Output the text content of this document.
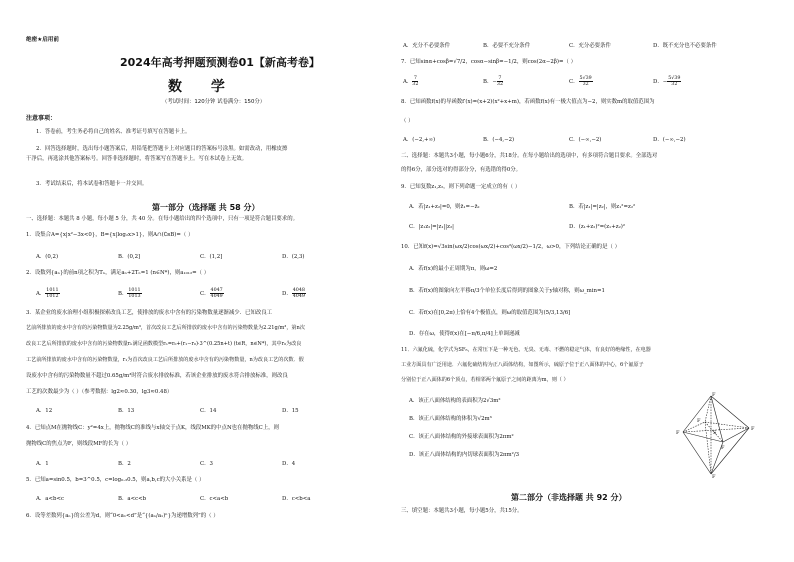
绝密★启用前
2024年高考押题预测卷01【新高考卷】
数 学
（考试时间：120分钟 试卷满分：150分）
注意事项：
1．答卷前，考生务必将自己的姓名、准考证号填写在答题卡上。
2．回答选择题时，选出每小题答案后，用铅笔把答题卡上对应题目的答案标号涂黑。如需改动，用橡皮擦
干净后，再选涂其他答案标号。回答非选择题时，将答案写在答题卡上。写在本试卷上无效。
3．考试结束后，将本试卷和答题卡一并交回。
第一部分（选择题 共 58 分）
一、选择题：本题共 8 小题，每小题 5 分，共 40 分。在每小题给出的四个选项中，只有一项是符合题目要求的。
1．设集合A={x|x²−3x<0}，B={x|log₂x>1}，则A∩(∁ʀB)=（ ）
A．(0,2)	B．(0,2]	C．(1,2]	D．(2,3)
2．设数列{aₙ}的前n项之积为Tₙ，满足aₙ+2Tₙ=1 (n∈N*)，则a₁₀₁₂=（ ）
A． $\frac{1011}{1012}$	B． $\frac{1011}{1013}$	C． $\frac{4047}{4049}$	D． $\frac{4048}{4049}$
3．某企业的废水治理小组积极探索改良工艺，使排放的废水中含有的污染物数量逐渐减少．已知改良工
艺前所排放的废水中含有的污染物数量为2.25g/m³，首次改良工艺后所排放的废水中含有的污染物数量为2.21g/m³，第n次
改良工艺后所排放的废水中含有的污染物数量rₙ满足函数模型rₙ=r₀+(r₁−r₀)·3^(0.25n+t) (t∈R，n∈N*)，其中r₀为改良
工艺前所排放的废水中含有的污染物数量，r₁为首次改良工艺后所排放的废水中含有的污染物数量，n为改良工艺的次数．假
设废水中含有的污染物数量不超过0.65g/m³时符合废水排放标准，若该企业排放的废水符合排放标准，则改良
工艺的次数最少为（ ）（参考数据：lg2≈0.30，lg3≈0.48）
A．12	B．13	C．14	D．15
4．已知点M在抛物线C：y²=4x上，抛物线C的准线与x轴交于点K，线段MK的中点N也在抛物线C上，则
抛物线C的焦点为F，则线段MF的长为（ ）
A．1	B．2	C．3	D．4
5．已知a=sin0.5，b=3^0.5，c=log₀.₃0.5，则a,b,c的大小关系是（ ）
A．a<b<c	B．a<c<b	C．c<a<b	D．c<b<a
6．设等差数列{aₙ}的公差为d，则“0<a₁<d”是“{(aₙ/a₁)ⁿ}为递增数列”的（ ）
A．充分不必要条件	B．必要不充分条件	C．充分必要条件	D．既不充分也不必要条件
7．已知sinα+cosβ=√7/2，cosα−sinβ=−1/2，则cos(2α−2β)=（ ）
A． $\frac{7}{32}$	B．− $\frac{7}{32}$	C． $\frac{5√39}{32}$	D．− $\frac{5√39}{32}$
8．已知函数f(x)的导函数f′(x)=(x+2)(x²+x+m)，若函数f(x)有一极大值点为−2，则实数m的取值范围为
（ ）
A．(−2,+∞)	B．(−4,−2)	C．(−∞,−2)	D．(−∞,−2)
二、选择题：本题共3小题，每小题6分，共18分。在每小题给出的选项中，有多项符合题目要求。全部选对
的得6分，部分选对的得部分分，有选错的得0分。
9．已知复数z₁,z₂，则下列命题一定成立的有（ ）
A．若|z₁+z₂|=0，则z̄₁=−z̄₂	B．若|z₁|=|z₂|，则z₁²=z₂²
C．|z₁z₂|=|z₁||z₂|	D．(z₁+z₂)²=(z₁+z₂)²
10．已知f(x)=√3sin(ωx/2)cos(ωx/2)+cos²(ωx/2)−1/2，ω>0，下列结论正确的是（ ）
A．若f(x)的最小正周期为π，则ω=2
B．若f(x)的图象向左平移π/3个单位长度后得到的图象关于y轴对称，则ω_min=1
C．若f(x)在[0,2π)上恰有4个极值点，则ω的取值范围为(5/3,13/6]
D．存在ω，使得f(x)在[−π/6,π/4]上单调递减
11．六氟化硫，化学式为SF₆，在常压下是一种无色、无臭、无毒、不燃的稳定气体，有良好的绝缘性，在电器
工业方面具有广泛用途．六氟化硫结构为正八面体结构，如图所示，硫原子位于正八面体的中心，6个氟原子
分别位于正八面体的6个顶点，若相邻两个氟原子之间的距离为m，则（ ）
A．该正八面体结构的表面积为2√3m²
B．该正八面体结构的体积为√2m³
C．该正八面体结构的外接球表面积为2πm²
D．该正八面体结构的内切球表面积为2πm²/3
F
F
F
F
F
F
S
第二部分（非选择题 共 92 分）
三、填空题：本题共3小题，每小题5分，共15分。
